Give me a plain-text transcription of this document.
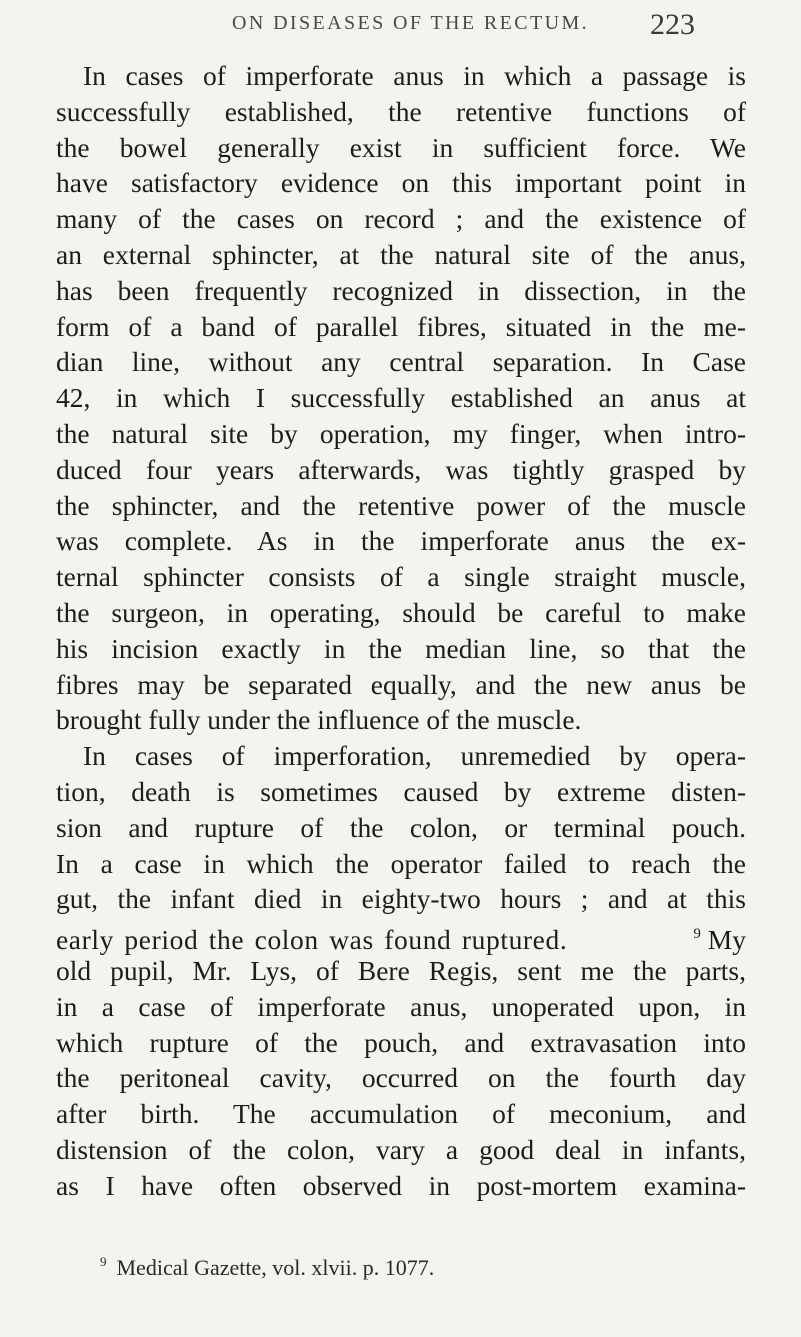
ON DISEASES OF THE RECTUM. 223
In cases of imperforate anus in which a passage is
successfully established, the retentive functions of
the bowel generally exist in sufficient force. We
have satisfactory evidence on this important point in
many of the cases on record ; and the existence of
an external sphincter, at the natural site of the anus,
has been frequently recognized in dissection, in the
form of a band of parallel fibres, situated in the me-
dian line, without any central separation. In Case
42, in which I successfully established an anus at
the natural site by operation, my finger, when intro-
duced four years afterwards, was tightly grasped by
the sphincter, and the retentive power of the muscle
was complete. As in the imperforate anus the ex-
ternal sphincter consists of a single straight muscle,
the surgeon, in operating, should be careful to make
his incision exactly in the median line, so that the
fibres may be separated equally, and the new anus be
brought fully under the influence of the muscle.
In cases of imperforation, unremedied by opera-
tion, death is sometimes caused by extreme disten-
sion and rupture of the colon, or terminal pouch.
In a case in which the operator failed to reach the
gut, the infant died in eighty-two hours ; and at this
early period the colon was found ruptured.	$^9$ My
old pupil, Mr. Lys, of Bere Regis, sent me the parts,
in a case of imperforate anus, unoperated upon, in
which rupture of the pouch, and extravasation into
the peritoneal cavity, occurred on the fourth day
after birth. The accumulation of meconium, and
distension of the colon, vary a good deal in infants,
as I have often observed in post-mortem examina-
$^9$ Medical Gazette, vol. xlvii. p. 1077.
